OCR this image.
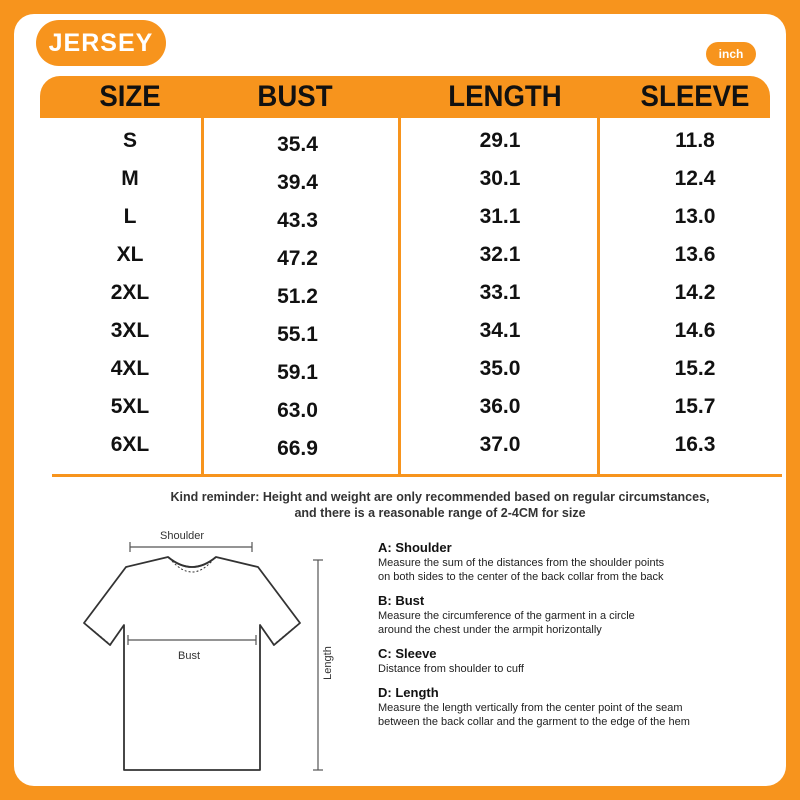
JERSEY	inch
SIZE	BUST	LENGTH	SLEEVE
S	35.4	29.1	11.8
M	39.4	30.1	12.4
L	43.3	31.1	13.0
XL	47.2	32.1	13.6
2XL	51.2	33.1	14.2
3XL	55.1	34.1	14.6
4XL	59.1	35.0	15.2
5XL	63.0	36.0	15.7
6XL	66.9	37.0	16.3
Kind reminder: Height and weight are only recommended based on regular circumstances,
and there is a reasonable range of 2-4CM for size
Shoulder
Bust	Length
A: Shoulder
Measure the sum of the distances from the shoulder points
on both sides to the center of the back collar from the back
B: Bust
Measure the circumference of the garment in a circle
around the chest under the armpit horizontally
C: Sleeve
Distance from shoulder to cuff
D: Length
Measure the length vertically from the center point of the seam
between the back collar and the garment to the edge of the hem
